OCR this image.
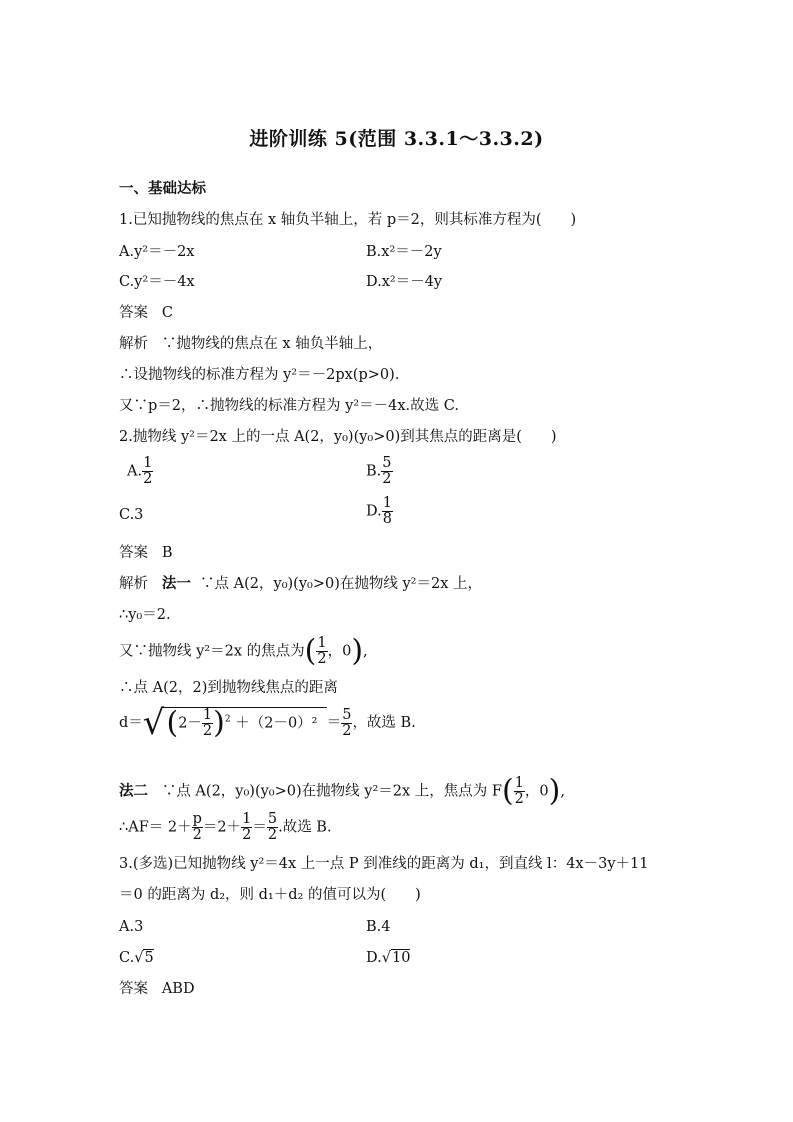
进阶训练 5(范围 3.3.1～3.3.2)
一、基础达标
1.已知抛物线的焦点在 x 轴负半轴上，若 p＝2，则其标准方程为(　　)
A.y²＝－2x	B.x²＝－2y
C.y²＝－4x	D.x²＝－4y
答案 C
解析 ∵抛物线的焦点在 x 轴负半轴上，
∴设抛物线的标准方程为 y²＝－2px(p>0).
又∵p＝2，∴抛物线的标准方程为 y²＝－4x.故选 C.
2.抛物线 y²＝2x 上的一点 A(2，y₀)(y₀>0)到其焦点的距离是(　　)
A. $\frac{1}{2}$	B. $\frac{5}{2}$
C.3	D. $\frac{1}{8}$
答案 B
解析 法一 ∵点 A(2，y₀)(y₀>0)在抛物线 y²＝2x 上，
∴y₀＝2.
又∵抛物线 y²＝2x 的焦点为( $\frac{1}{2}$ ，0),
∴点 A(2，2)到抛物线焦点的距离
$d=√(2- \frac{1}{2} )^2 +(2-0)^2 = \frac{5}{2}$ ，故选 B.
法二 ∵点 A(2，y₀)(y₀>0)在抛物线 y²＝2x 上，焦点为 $F( \frac{1}{2}$ ，0),
∴AF＝ $2+ \frac{p}{2} =2+ \frac{1}{2} = \frac{5}{2}$ .故选 B.
3.(多选)已知抛物线 y²＝4x 上一点 P 到准线的距离为 d₁，到直线 l：4x－3y＋11
＝0 的距离为 d₂，则 d₁＋d₂ 的值可以为(　　)
A.3	B.4
C.√5	D.√10
答案 ABD
